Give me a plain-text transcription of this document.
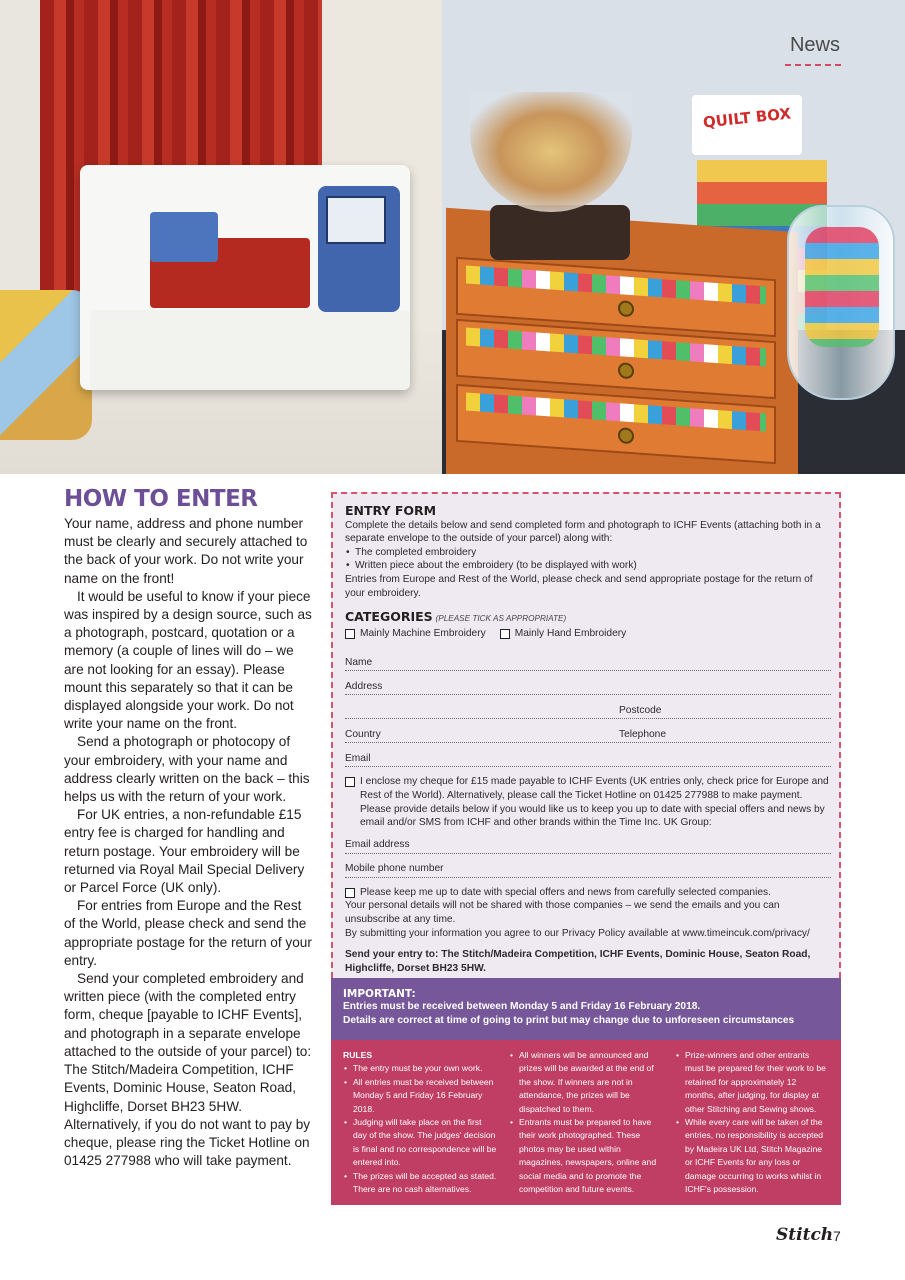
QUILT BOX
News
HOW TO ENTER

Your name, address and phone number must be clearly and securely attached to the back of your work. Do not write your name on the front!

It would be useful to know if your piece was inspired by a design source, such as a photograph, postcard, quotation or a memory (a couple of lines will do – we are not looking for an essay). Please mount this separately so that it can be displayed alongside your work. Do not write your name on the front.

Send a photograph or photocopy of your embroidery, with your name and address clearly written on the back – this helps us with the return of your work.

For UK entries, a non-refundable £15 entry fee is charged for handling and return postage. Your embroidery will be returned via Royal Mail Special Delivery or Parcel Force (UK only).

For entries from Europe and the Rest of the World, please check and send the appropriate postage for the return of your entry.

Send your completed embroidery and written piece (with the completed entry form, cheque [payable to ICHF Events], and photograph in a separate envelope attached to the outside of your parcel) to: The Stitch/Madeira Competition, ICHF Events, Dominic House, Seaton Road, Highcliffe, Dorset BH23 5HW. Alternatively, if you do not want to pay by cheque, please ring the Ticket Hotline on 01425 277988 who will take payment.

ENTRY FORM
Complete the details below and send completed form and photograph to ICHF Events (attaching both in a separate envelope to the outside of your parcel) along with:
• The completed embroidery
• Written piece about the embroidery (to be displayed with work)
Entries from Europe and Rest of the World, please check and send appropriate postage for the return of your embroidery.
CATEGORIES (PLEASE TICK AS APPROPRIATE)
Mainly Machine Embroidery	Mainly Hand Embroidery
Name
Address
Postcode
Country	Telephone
Email
I enclose my cheque for £15 made payable to ICHF Events (UK entries only, check price for Europe and Rest of the World). Alternatively, please call the Ticket Hotline on 01425 277988 to make payment. Please provide details below if you would like us to keep you up to date with special offers and news by email and/or SMS from ICHF and other brands within the Time Inc. UK Group:
Email address
Mobile phone number
Please keep me up to date with special offers and news from carefully selected companies.
Your personal details will not be shared with those companies – we send the emails and you can unsubscribe at any time.
By submitting your information you agree to our Privacy Policy available at www.timeincuk.com/privacy/
Send your entry to: The Stitch/Madeira Competition, ICHF Events, Dominic House, Seaton Road, Highcliffe, Dorset BH23 5HW.
IMPORTANT:
Entries must be received between Monday 5 and Friday 16 February 2018.
Details are correct at time of going to print but may change due to unforeseen circumstances
RULES
• The entry must be your own work.
• All entries must be received between Monday 5 and Friday 16 February 2018.
• Judging will take place on the first day of the show. The judges' decision is final and no correspondence will be entered into.
• The prizes will be accepted as stated. There are no cash alternatives.
• All winners will be announced and prizes will be awarded at the end of the show. If winners are not in attendance, the prizes will be dispatched to them.
• Entrants must be prepared to have their work photographed. These photos may be used within magazines, newspapers, online and social media and to promote the competition and future events.
• Prize-winners and other entrants must be prepared for their work to be retained for approximately 12 months, after judging, for display at other Stitching and Sewing shows.
• While every care will be taken of the entries, no responsibility is accepted by Madeira UK Ltd, Stitch Magazine or ICHF Events for any loss or damage occurring to works whilst in ICHF's possession.
Stitch 7
